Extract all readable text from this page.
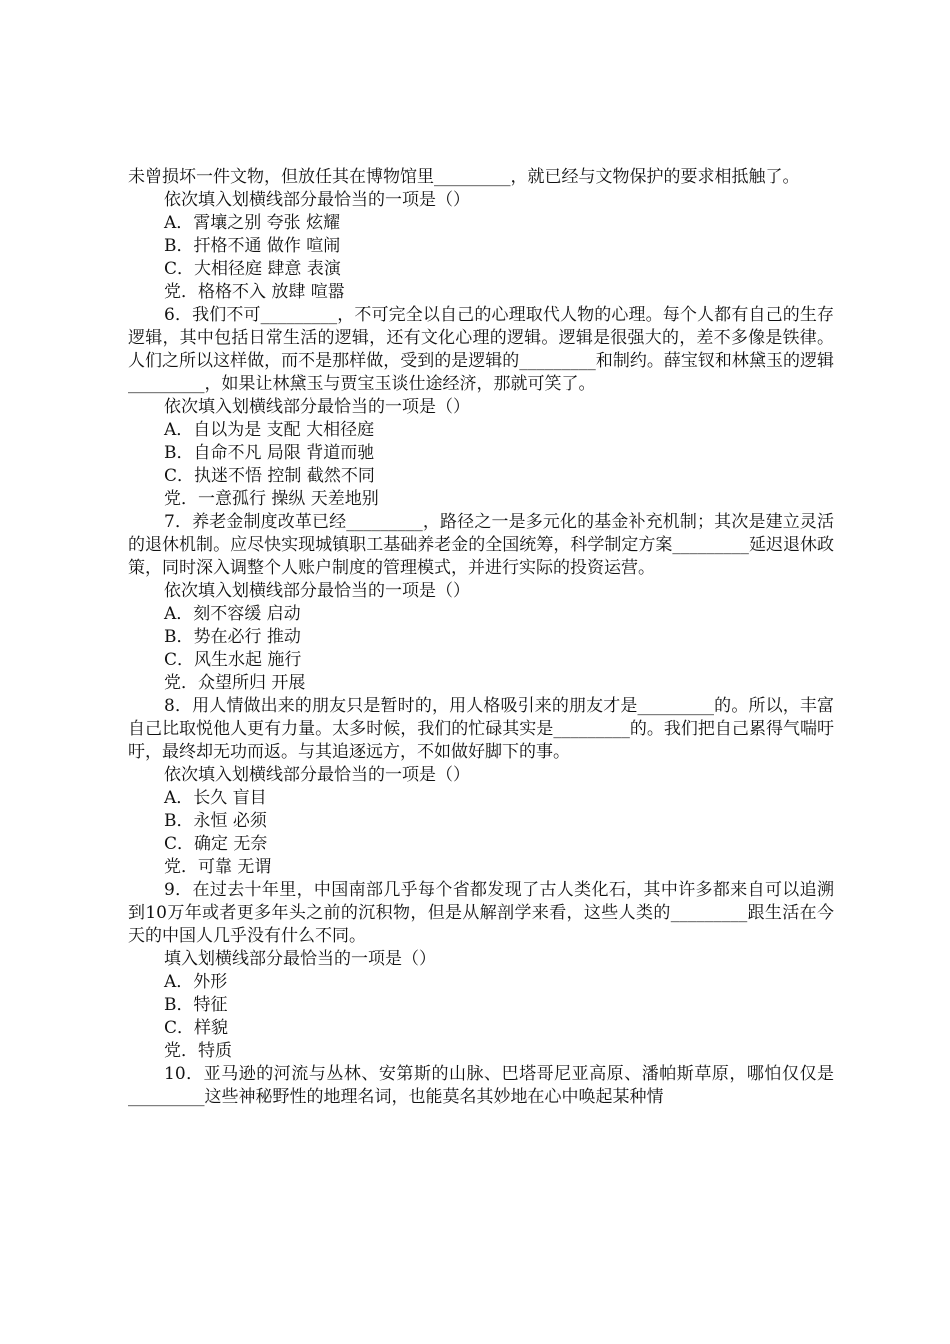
未曾损坏一件文物，但放任其在博物馆里_________，就已经与文物保护的要求相抵触了。

依次填入划横线部分最恰当的一项是（）

A．霄壤之别 夸张 炫耀

B．扞格不通 做作 喧闹

C．大相径庭 肆意 表演

党．格格不入 放肆 喧嚣

6．我们不可_________，不可完全以自己的心理取代人物的心理。每个人都有自己的生存逻辑，其中包括日常生活的逻辑，还有文化心理的逻辑。逻辑是很强大的，差不多像是铁律。人们之所以这样做，而不是那样做，受到的是逻辑的_________和制约。薛宝钗和林黛玉的逻辑_________，如果让林黛玉与贾宝玉谈仕途经济，那就可笑了。

依次填入划横线部分最恰当的一项是（）

A．自以为是 支配 大相径庭

B．自命不凡 局限 背道而驰

C．执迷不悟 控制 截然不同

党．一意孤行 操纵 天差地别

7．养老金制度改革已经_________，路径之一是多元化的基金补充机制；其次是建立灵活的退休机制。应尽快实现城镇职工基础养老金的全国统筹，科学制定方案_________延迟退休政策，同时深入调整个人账户制度的管理模式，并进行实际的投资运营。

依次填入划横线部分最恰当的一项是（）

A．刻不容缓 启动

B．势在必行 推动

C．风生水起 施行

党．众望所归 开展

8．用人情做出来的朋友只是暂时的，用人格吸引来的朋友才是_________的。所以，丰富自己比取悦他人更有力量。太多时候，我们的忙碌其实是_________的。我们把自己累得气喘吁吁，最终却无功而返。与其追逐远方，不如做好脚下的事。

依次填入划横线部分最恰当的一项是（）

A．长久 盲目

B．永恒 必须

C．确定 无奈

党．可靠 无谓

9．在过去十年里，中国南部几乎每个省都发现了古人类化石，其中许多都来自可以追溯到10万年或者更多年头之前的沉积物，但是从解剖学来看，这些人类的_________跟生活在今天的中国人几乎没有什么不同。

填入划横线部分最恰当的一项是（）

A．外形

B．特征

C．样貌

党．特质

10．亚马逊的河流与丛林、安第斯的山脉、巴塔哥尼亚高原、潘帕斯草原，哪怕仅仅是_________这些神秘野性的地理名词，也能莫名其妙地在心中唤起某种情
